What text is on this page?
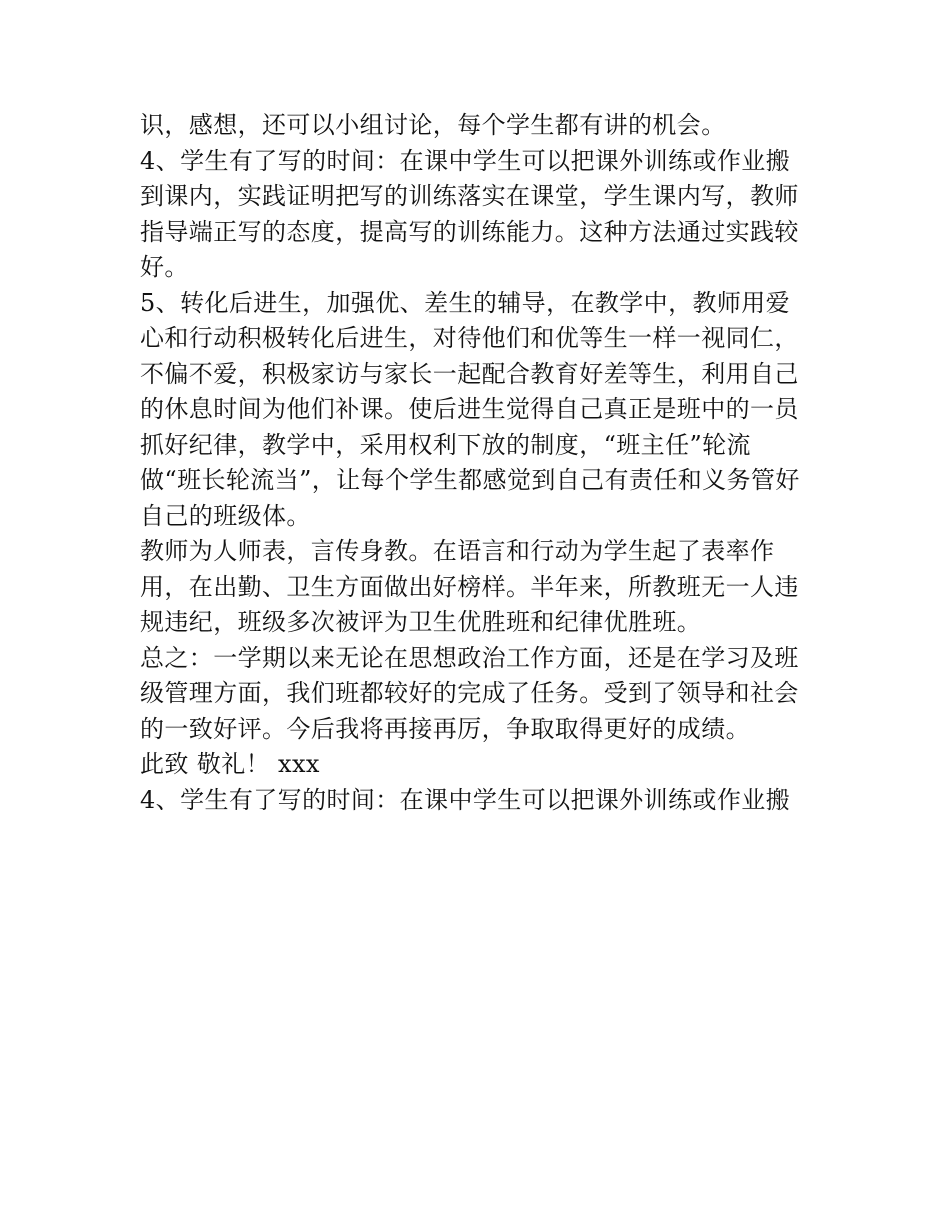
识，感想，还可以小组讨论，每个学生都有讲的机会。
4、学生有了写的时间：在课中学生可以把课外训练或作业搬
到课内，实践证明把写的训练落实在课堂，学生课内写，教师
指导端正写的态度，提高写的训练能力。这种方法通过实践较
好。
5、转化后进生，加强优、差生的辅导，在教学中，教师用爱
心和行动积极转化后进生，对待他们和优等生一样一视同仁，
不偏不爱，积极家访与家长一起配合教育好差等生，利用自己
的休息时间为他们补课。使后进生觉得自己真正是班中的一员
抓好纪律，教学中，采用权利下放的制度，“班主任”轮流
做“班长轮流当”，让每个学生都感觉到自己有责任和义务管好
自己的班级体。
教师为人师表，言传身教。在语言和行动为学生起了表率作
用，在出勤、卫生方面做出好榜样。半年来，所教班无一人违
规违纪，班级多次被评为卫生优胜班和纪律优胜班。
总之：一学期以来无论在思想政治工作方面，还是在学习及班
级管理方面，我们班都较好的完成了任务。受到了领导和社会
的一致好评。今后我将再接再厉，争取取得更好的成绩。
此致 敬礼！ xxx
4、学生有了写的时间：在课中学生可以把课外训练或作业搬
